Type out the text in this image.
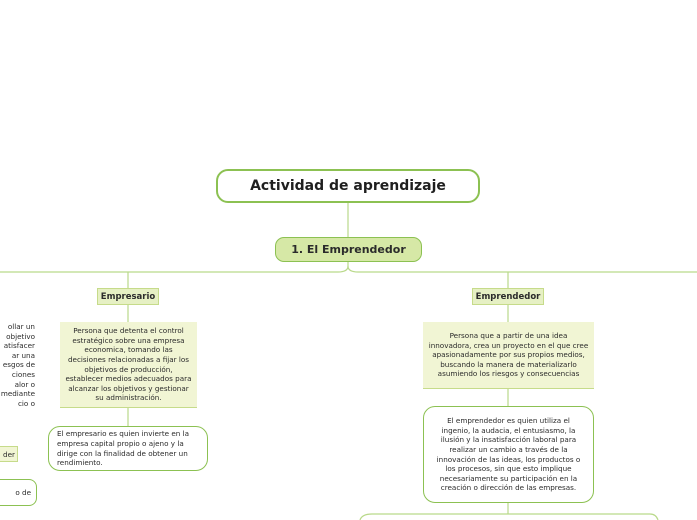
Actividad de aprendizaje
1. El Emprendedor
Empresario	Emprendedor
Persona que detenta el control estratégico sobre una empresa economica, tomando las decisiones relacionadas a fijar los objetivos de producción, establecer medios adecuados para alcanzar los objetivos y gestionar su administración.
El empresario es quien invierte en la empresa capital propio o ajeno y la dirige con la finalidad de obtener un rendimiento.
Persona que a partir de una idea innovadora, crea un proyecto en el que cree apasionadamente por sus propios medios, buscando la manera de materializarlo asumiendo los riesgos y consecuencias
El emprendedor es quien utiliza el ingenio, la audacia, el entusiasmo, la ilusión y la insatisfacción laboral para realizar un cambio a través de la innovación de las ideas, los productos o los procesos, sin que esto implique necesariamente su participación en la creación o dirección de las empresas.
ollar un objetivo atisfacer ar una esgos de ciones alor o mediante cio o
der
o de
